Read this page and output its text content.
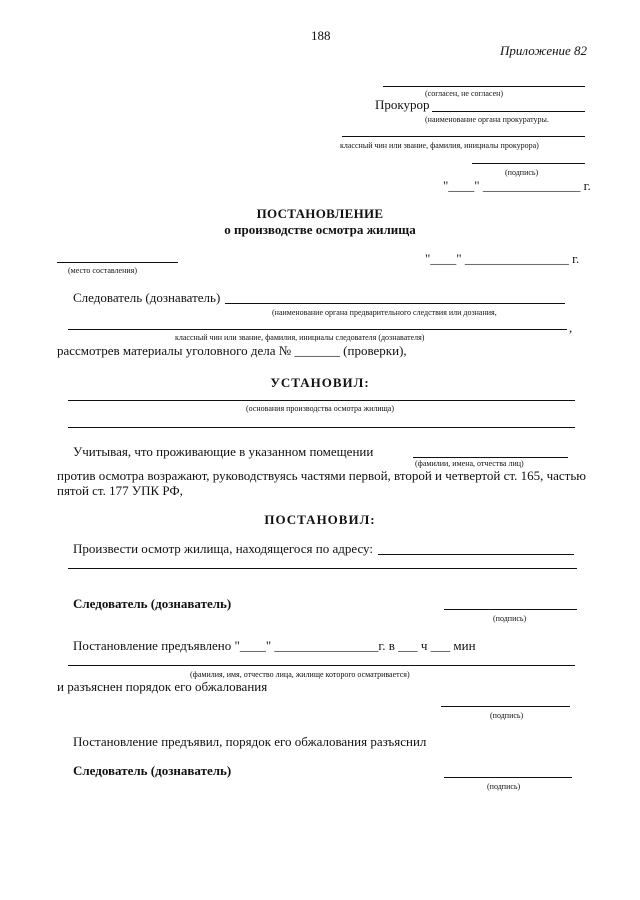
188
Приложение 82
(согласен, не согласен)
Прокурор
(наименование органа прокуратуры.
классный чин или звание, фамилия, инициалы прокурора)
(подпись)
"____" _______________ г.
ПОСТАНОВЛЕНИЕ
о производстве осмотра жилища
(место составления)
"____" ________________ г.
Следователь (дознаватель)
(наименование органа предварительного следствия или дознания,
,
классный чин или звание, фамилия, инициалы следователя (дознавателя)
рассмотрев материалы уголовного дела № _______ (проверки),
УСТАНОВИЛ:
(основания производства осмотра жилища)
Учитывая, что проживающие в указанном помещении
(фамилии, имена, отчества лиц)
против осмотра возражают, руководствуясь частями первой, второй и четвертой ст. 165, частью
пятой ст. 177 УПК РФ,
ПОСТАНОВИЛ:
Произвести осмотр жилища, находящегося по адресу:
Следователь (дознаватель)
(подпись)
Постановление предъявлено "____" ________________г. в ___ ч ___ мин
(фамилия, имя, отчество лица, жилище которого осматривается)
и разъяснен порядок его обжалования
(подпись)
Постановление предъявил, порядок его обжалования разъяснил
Следователь (дознаватель)
(подпись)
